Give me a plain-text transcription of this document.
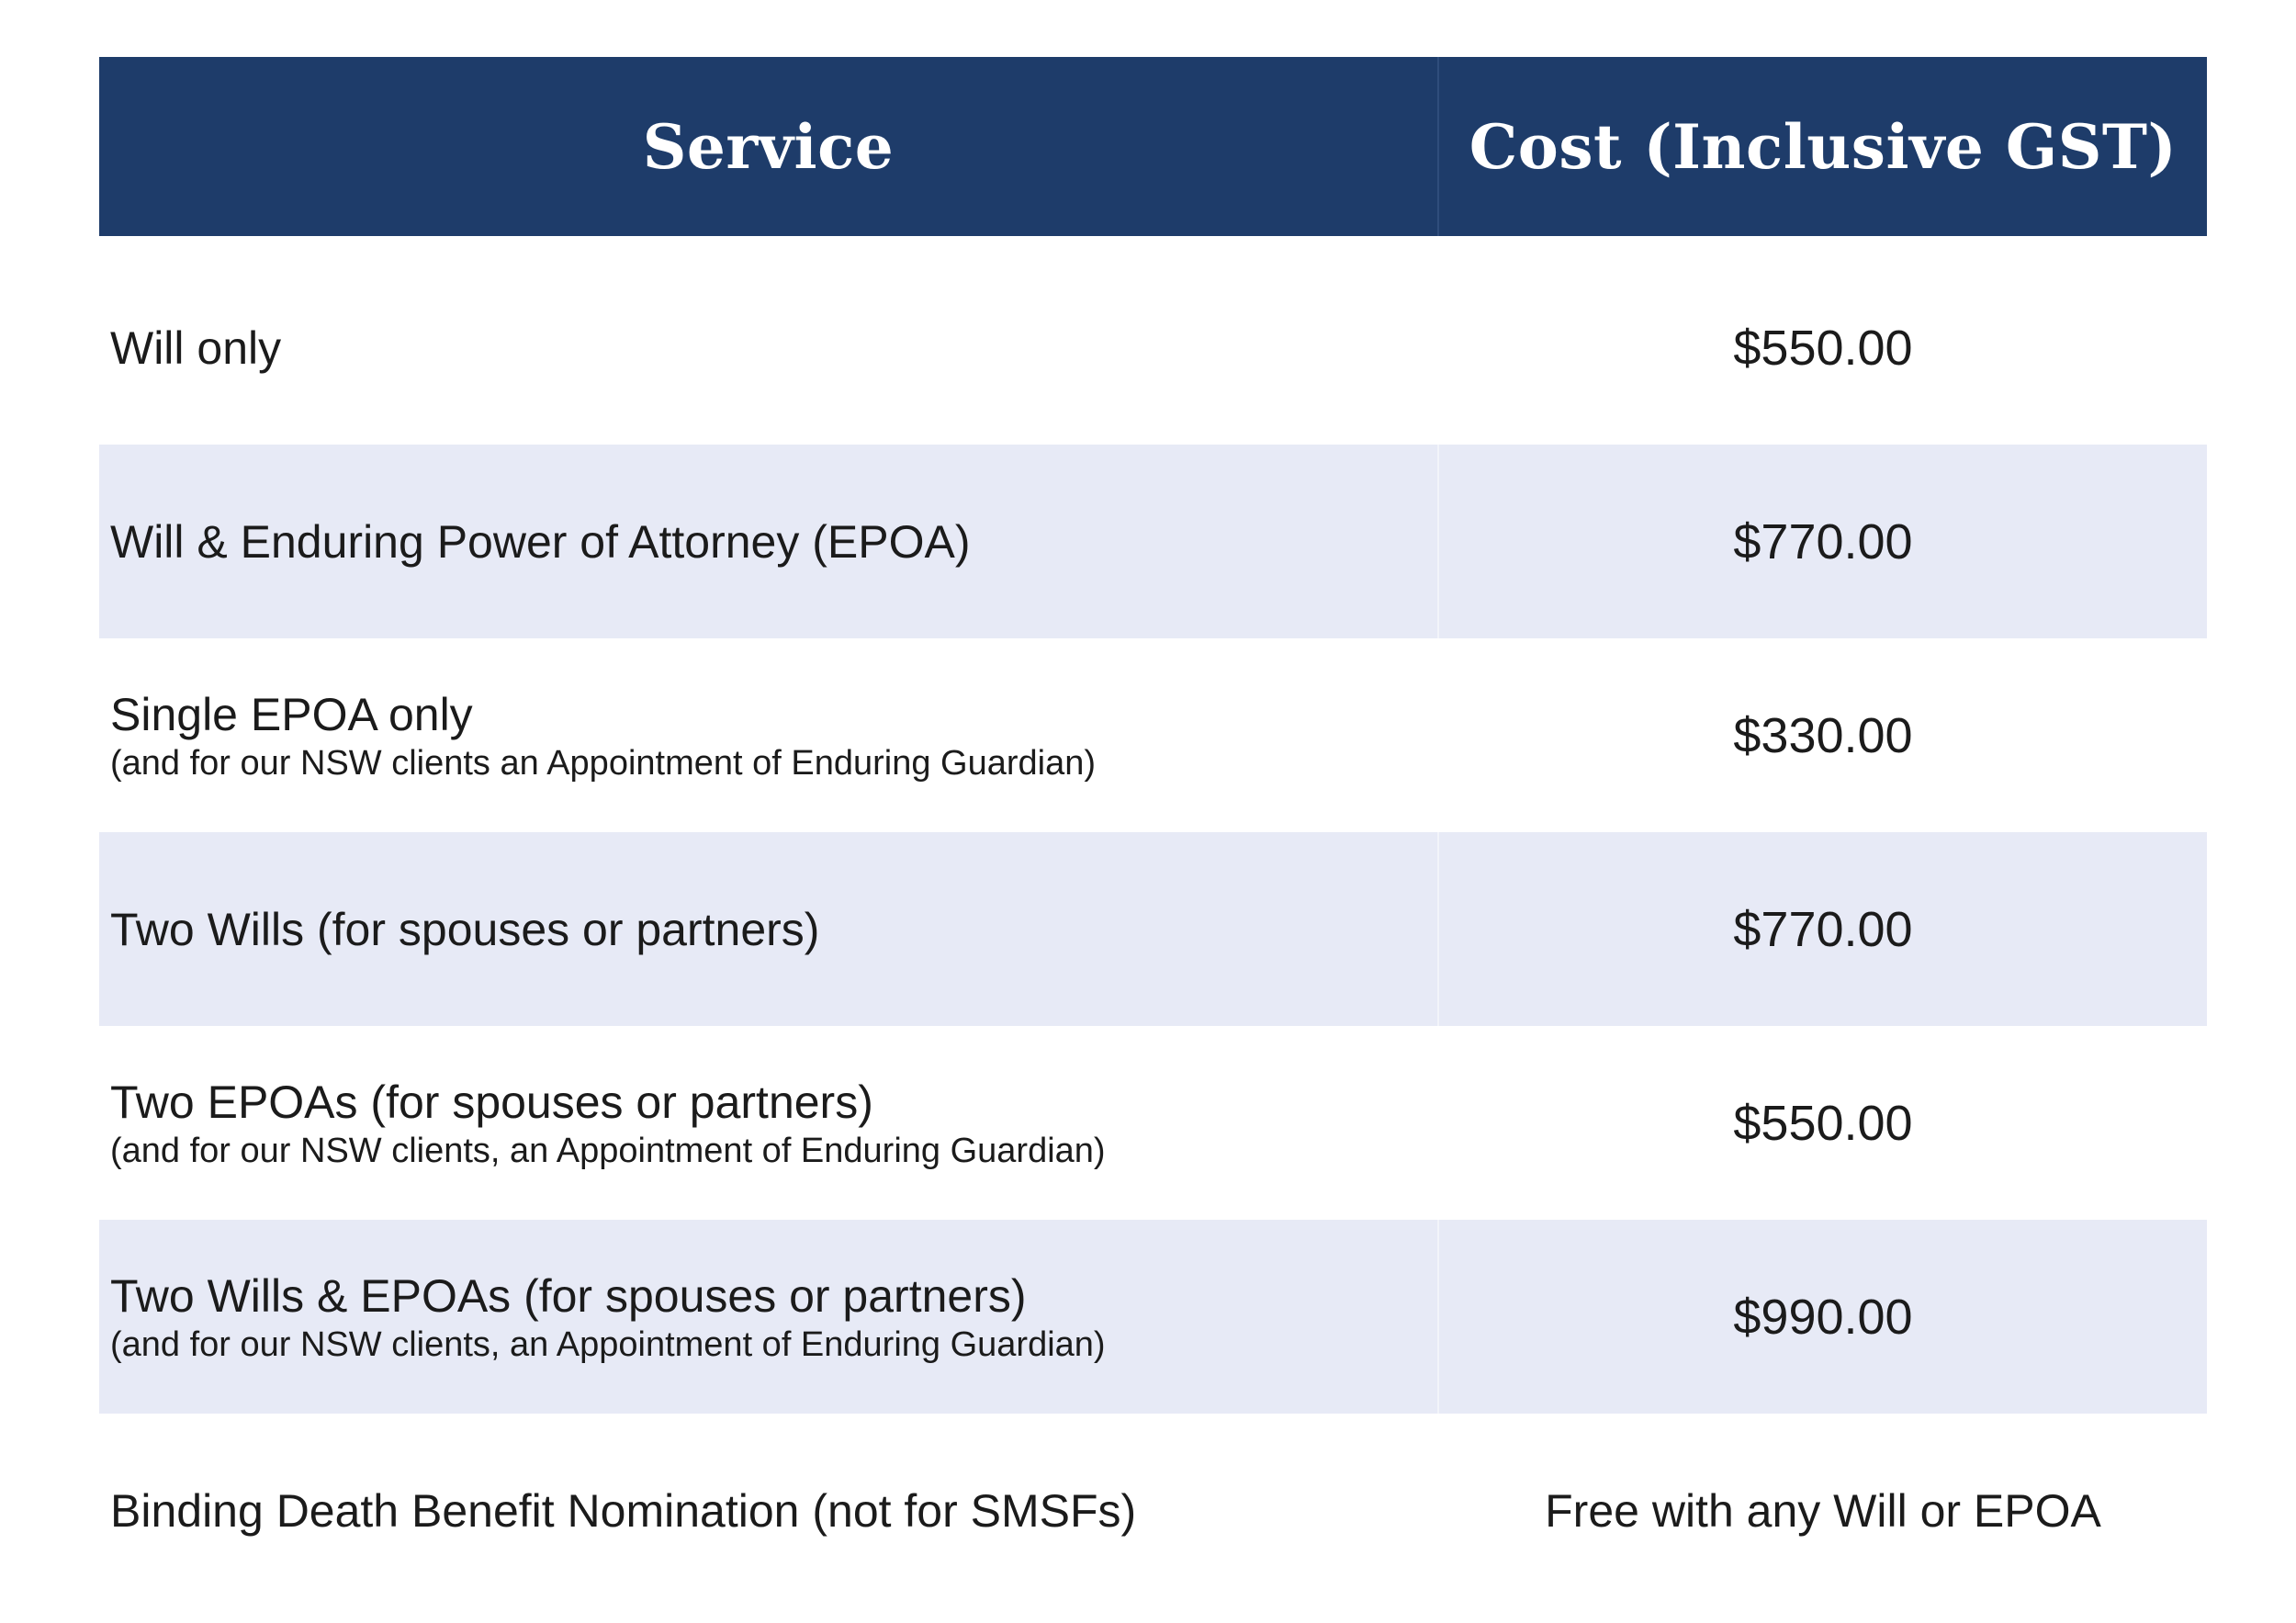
Service	Cost (Inclusive GST)
Will only	$550.00
Will & Enduring Power of Attorney (EPOA)	$770.00
Single EPOA only
(and for our NSW clients an Appointment of Enduring Guardian)	$330.00
Two Wills (for spouses or partners)	$770.00
Two EPOAs (for spouses or partners)
(and for our NSW clients, an Appointment of Enduring Guardian)	$550.00
Two Wills & EPOAs (for spouses or partners)
(and for our NSW clients, an Appointment of Enduring Guardian)	$990.00
Binding Death Benefit Nomination (not for SMSFs)	Free with any Will or EPOA
